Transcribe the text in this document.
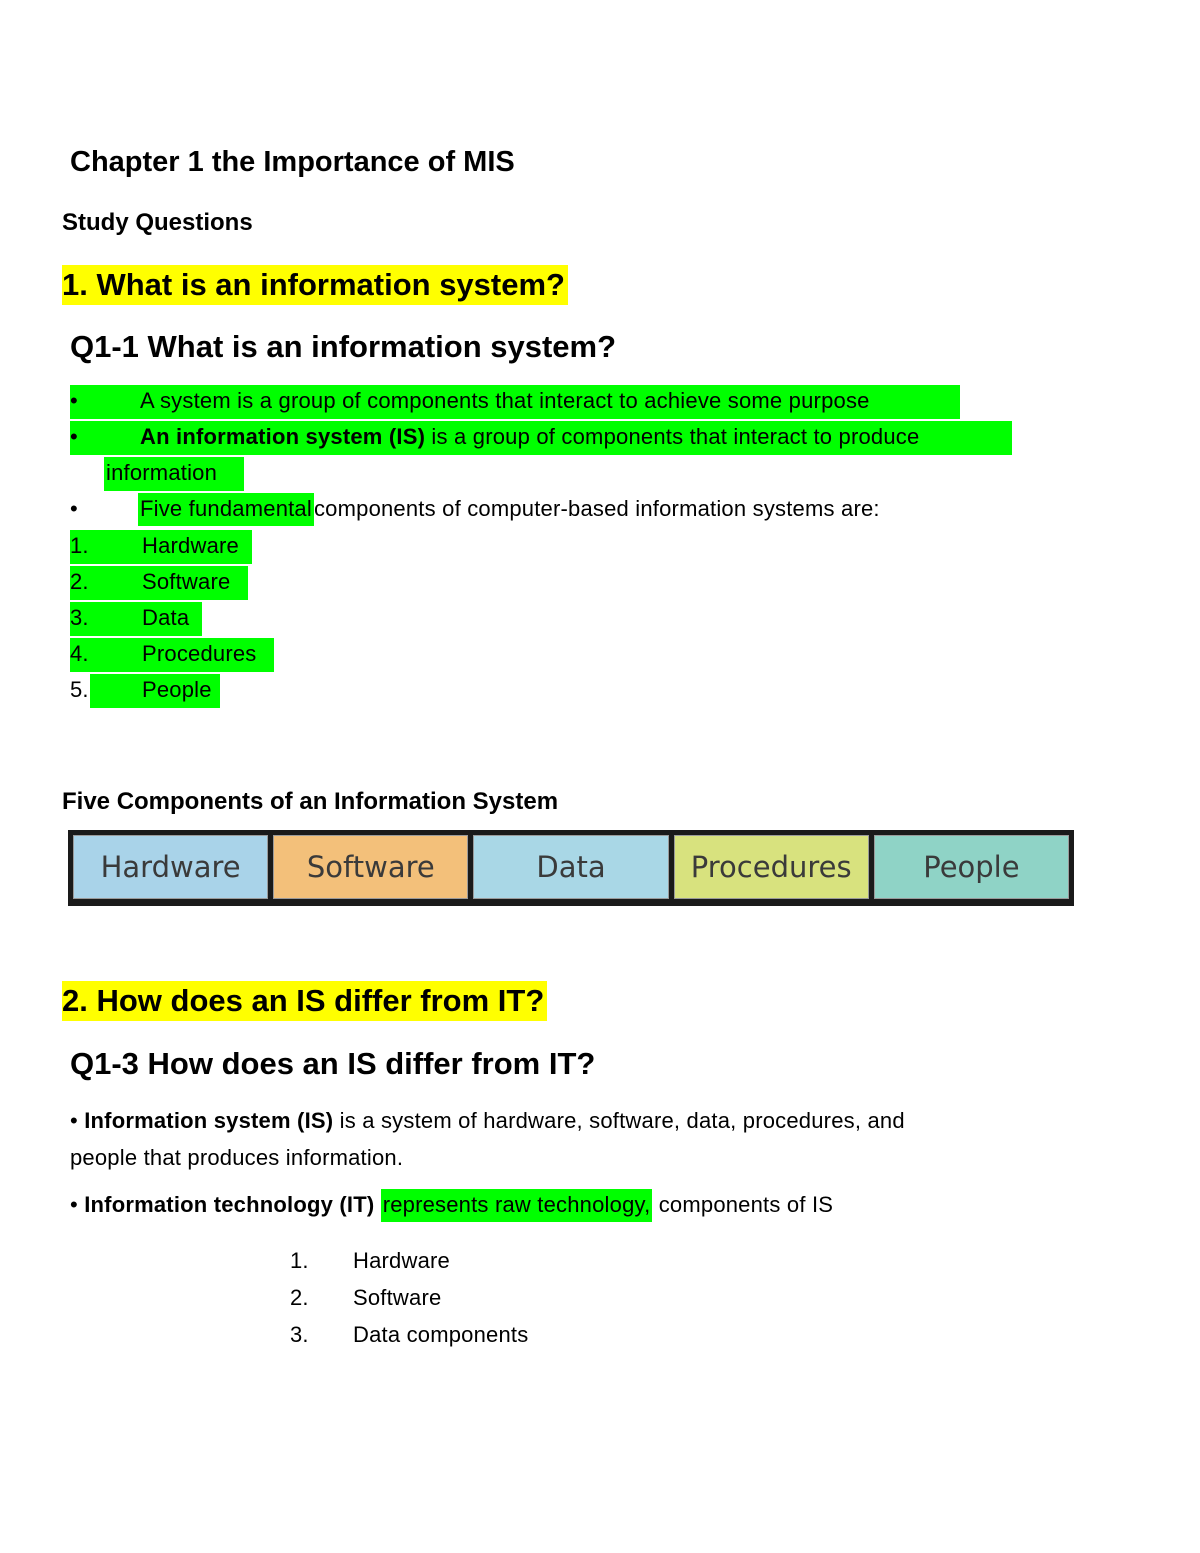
Chapter 1 the Importance of MIS
Study Questions
1. What is an information system?
Q1-1 What is an information system?
•	A system is a group of components that interact to achieve some purpose
•	An information system (IS) is a group of components that interact to produce
information
•	Five fundamentalcomponents of computer-based information systems are:
1. Hardware
2. Software
3. Data
4. Procedures
5. People
Five Components of an Information System
Hardware	Software	Data	Procedures	People
2. How does an IS differ from IT?
Q1-3 How does an IS differ from IT?
• Information system (IS) is a system of hardware, software, data, procedures, and
people that produces information.
• Information technology (IT) represents raw technology, components of IS
1. Hardware
2. Software
3. Data components
